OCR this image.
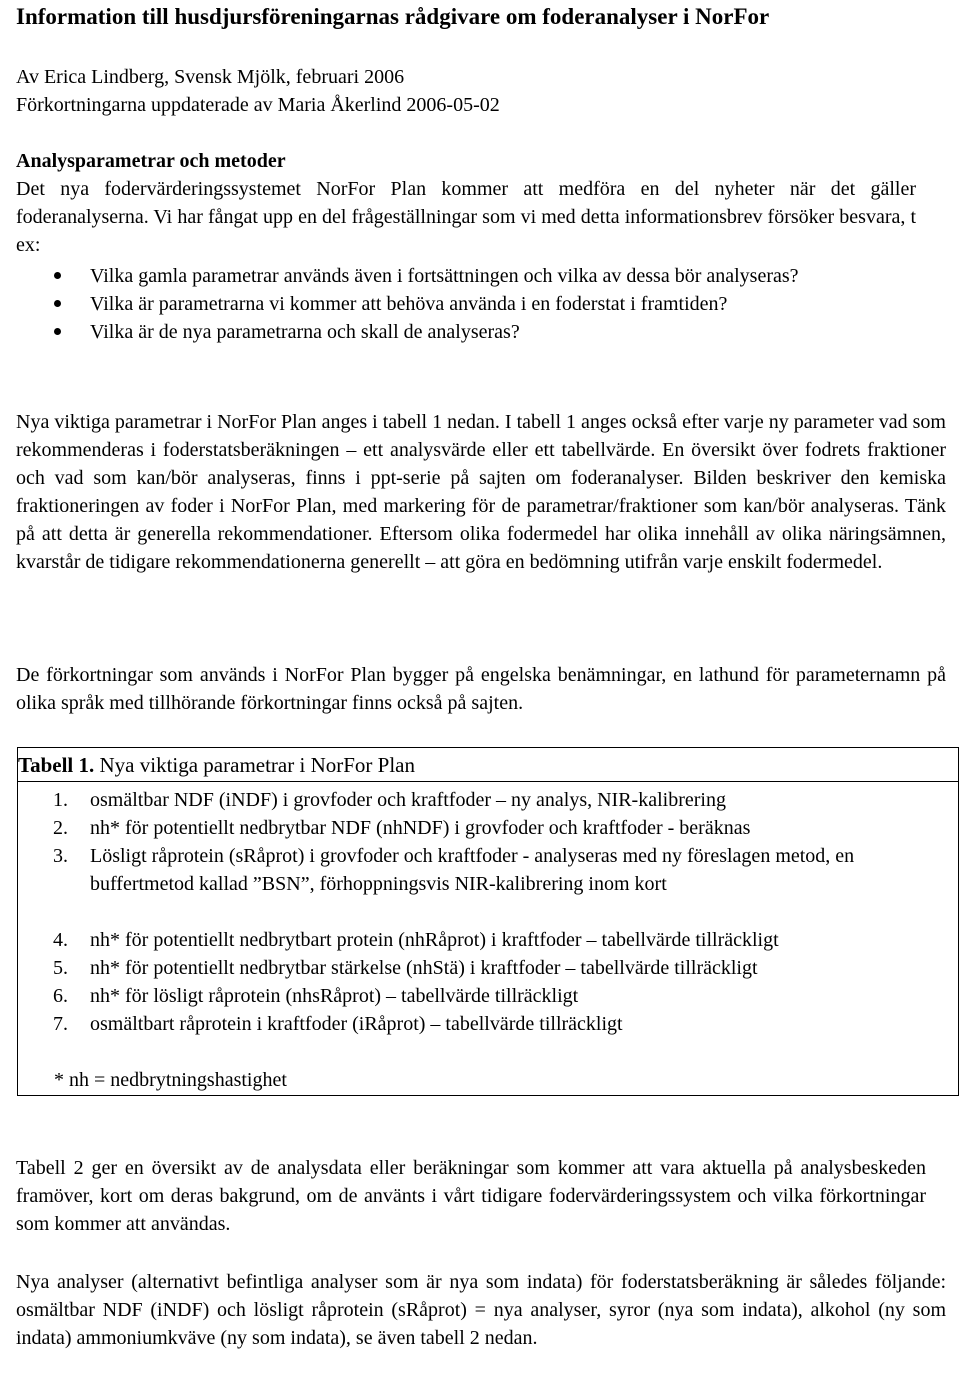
Information till husdjursföreningarnas rådgivare om foderanalyser i NorFor
Av Erica Lindberg, Svensk Mjölk, februari 2006
Förkortningarna uppdaterade av Maria Åkerlind 2006-05-02
Analysparametrar och metoder

Det nya fodervärderingssystemet NorFor Plan kommer att medföra en del nyheter när det gäller foderanalyserna. Vi har fångat upp en del frågeställningar som vi med detta informationsbrev försöker besvara, t ex:

Vilka gamla parametrar används även i fortsättningen och vilka av dessa bör analyseras?
Vilka är parametrarna vi kommer att behöva använda i en foderstat i framtiden?
Vilka är de nya parametrarna och skall de analyseras?

Nya viktiga parametrar i NorFor Plan anges i tabell 1 nedan. I tabell 1 anges också efter varje ny parameter vad som rekommenderas i foderstatsberäkningen – ett analysvärde eller ett tabellvärde. En översikt över fodrets fraktioner och vad som kan/bör analyseras, finns i ppt-serie på sajten om foderanalyser. Bilden beskriver den kemiska fraktioneringen av foder i NorFor Plan, med markering för de parametrar/fraktioner som kan/bör analyseras. Tänk på att detta är generella rekommendationer. Eftersom olika fodermedel har olika innehåll av olika näringsämnen, kvarstår de tidigare rekommendationerna generellt – att göra en bedömning utifrån varje enskilt fodermedel.

De förkortningar som används i NorFor Plan bygger på engelska benämningar, en lathund för parameternamn på olika språk med tillhörande förkortningar finns också på sajten.

Tabell 1. Nya viktiga parametrar i NorFor Plan
1. osmältbar NDF (iNDF) i grovfoder och kraftfoder – ny analys, NIR-kalibrering
2. nh* för potentiellt nedbrytbar NDF (nhNDF) i grovfoder och kraftfoder - beräknas
3. Lösligt råprotein (sRåprot) i grovfoder och kraftfoder - analyseras med ny föreslagen metod, en buffertmetod kallad ”BSN”, förhoppningsvis NIR-kalibrering inom kort
4. nh* för potentiellt nedbrytbart protein (nhRåprot) i kraftfoder – tabellvärde tillräckligt
5. nh* för potentiellt nedbrytbar stärkelse (nhStä) i kraftfoder – tabellvärde tillräckligt
6. nh* för lösligt råprotein (nhsRåprot) – tabellvärde tillräckligt
7. osmältbart råprotein i kraftfoder (iRåprot) – tabellvärde tillräckligt
* nh = nedbrytningshastighet

Tabell 2 ger en översikt av de analysdata eller beräkningar som kommer att vara aktuella på analysbeskeden framöver, kort om deras bakgrund, om de använts i vårt tidigare fodervärderingssystem och vilka förkortningar som kommer att användas.

Nya analyser (alternativt befintliga analyser som är nya som indata) för foderstatsberäkning är således följande: osmältbar NDF (iNDF) och lösligt råprotein (sRåprot) = nya analyser, syror (nya som indata), alkohol (ny som indata) ammoniumkväve (ny som indata), se även tabell 2 nedan.
